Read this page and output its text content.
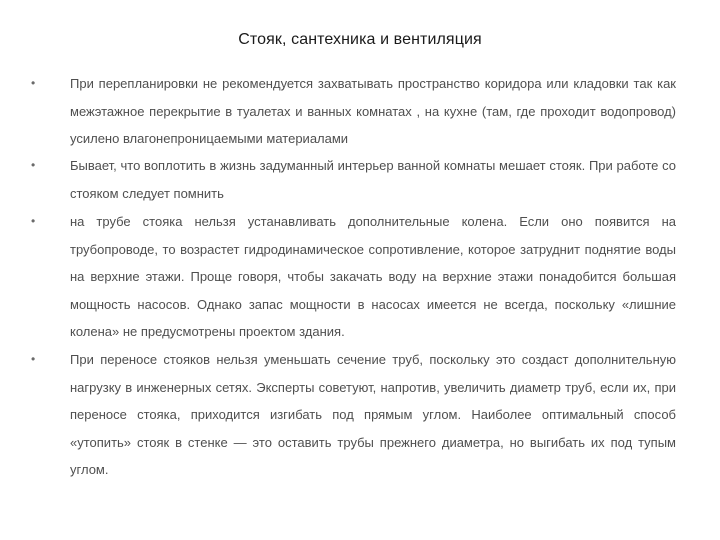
Стояк, сантехника и вентиляция
•	При перепланировки не рекомендуется захватывать пространство коридора или кладовки так как межэтажное перекрытие в туалетах и ванных комнатах , на кухне (там, где проходит водопровод) усилено влагонепроницаемыми материалами
•	Бывает, что воплотить в жизнь задуманный интерьер ванной комнаты мешает стояк. При работе со стояком следует помнить
•	на трубе стояка нельзя устанавливать дополнительные колена. Если оно появится на трубопроводе, то возрастет гидродинамическое сопротивление, которое затруднит поднятие воды на верхние этажи. Проще говоря, чтобы закачать воду на верхние этажи понадобится большая мощность насосов. Однако запас мощности в насосах имеется не всегда, поскольку «лишние колена» не предусмотрены проектом здания.
•	При переносе стояков нельзя уменьшать сечение труб, поскольку это создаст дополнительную нагрузку в инженерных сетях. Эксперты советуют, напротив, увеличить диаметр труб, если их, при переносе стояка, приходится изгибать под прямым углом. Наиболее оптимальный способ «утопить» стояк в стенке — это оставить трубы прежнего диаметра, но выгибать их под тупым углом.
